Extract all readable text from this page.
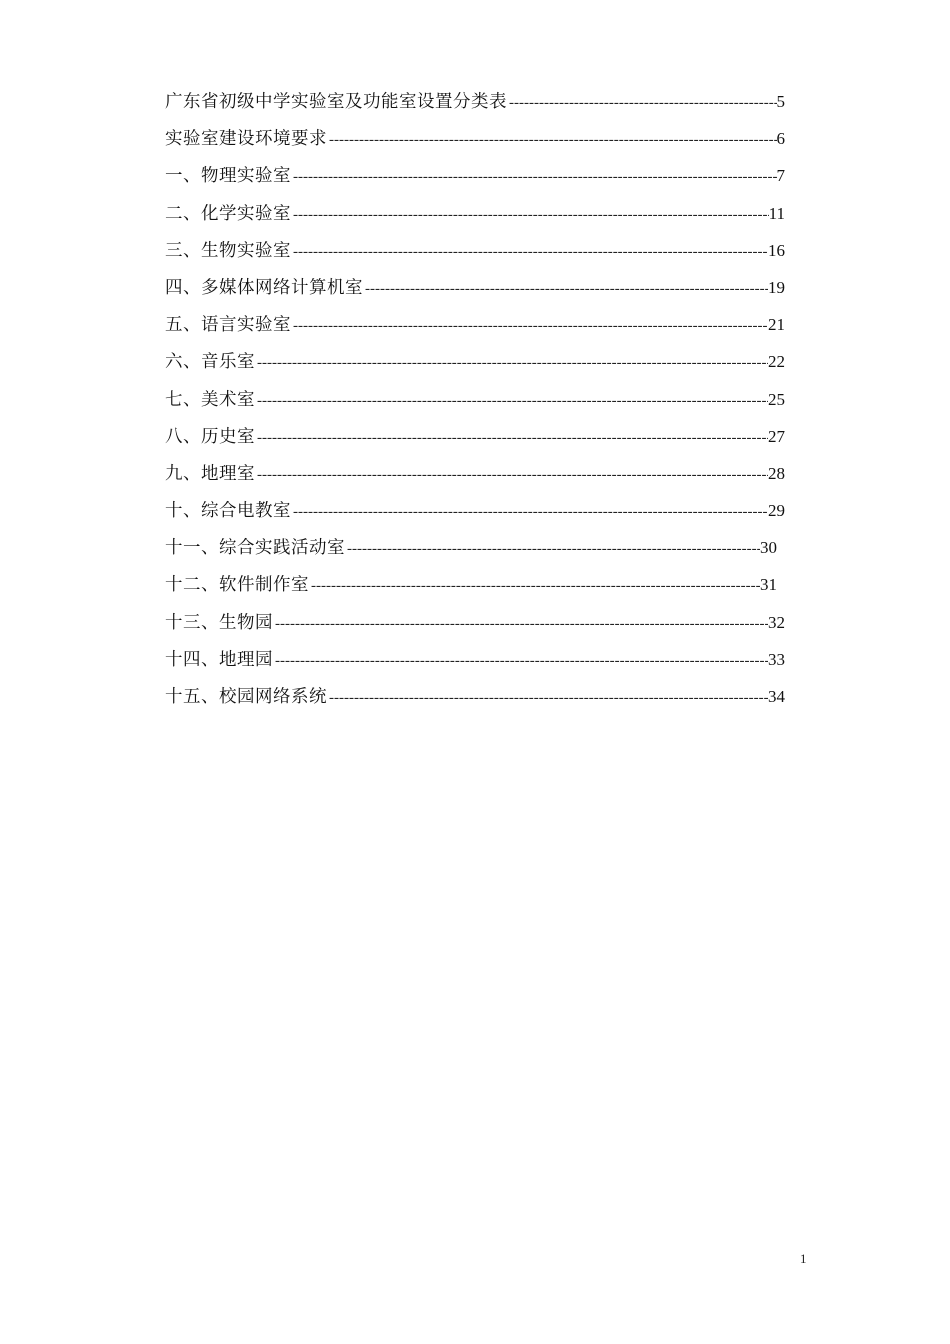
广东省初级中学实验室及功能室设置分类表 -----	5
实验室建设环境要求 -----	6
一、物理实验室 -----	7
二、化学实验室 -----	11
三、生物实验室 -----	16
四、多媒体网络计算机室 -----	19
五、语言实验室 -----	21
六、音乐室 -----	22
七、美术室 -----	25
八、历史室 -----	27
九、地理室 -----	28
十、综合电教室 -----	29
十一、综合实践活动室 -----	30
十二、软件制作室 -----	31
十三、生物园 -----	32
十四、地理园 -----	33
十五、校园网络系统 -----	34
1
